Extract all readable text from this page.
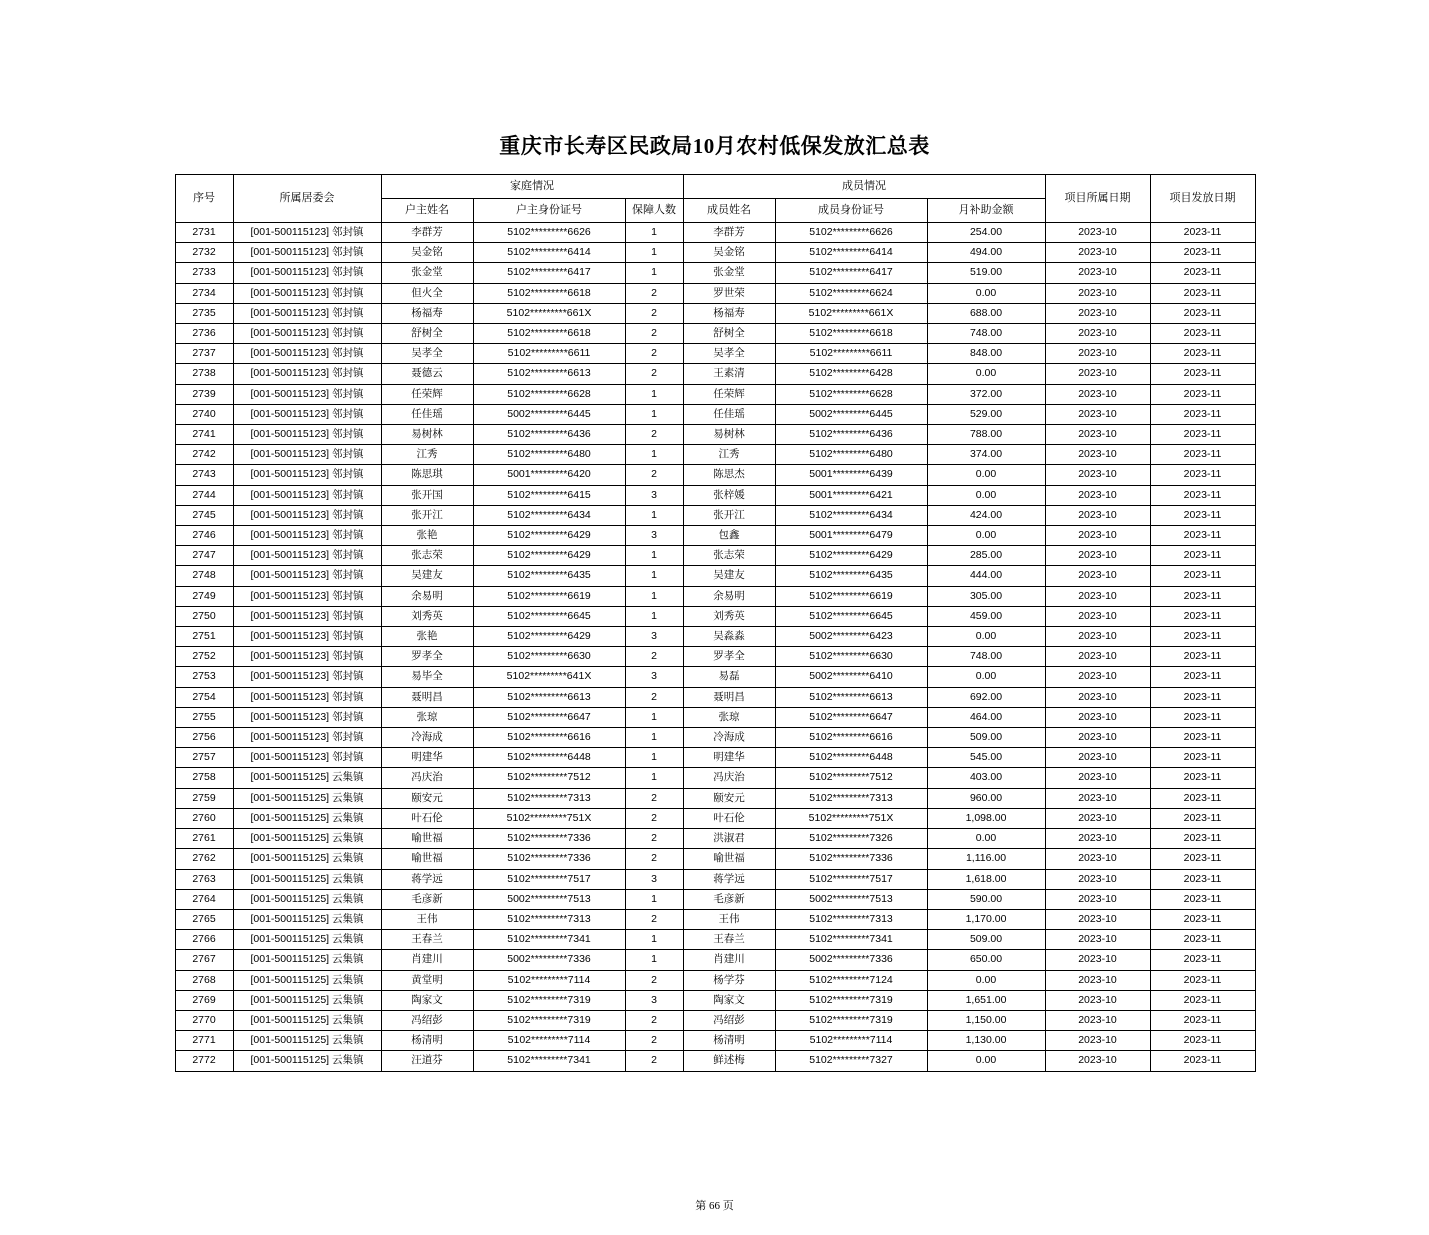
重庆市长寿区民政局10月农村低保发放汇总表
序号	所属居委会	家庭情况			成员情况			项目所属日期	项目发放日期
		户主姓名	户主身份证号	保障人数	成员姓名	成员身份证号	月补助金额		
2731	[001-500115123] 邻封镇	李群芳	5102*********6626	1	李群芳	5102*********6626	254.00	2023-10	2023-11
2732	[001-500115123] 邻封镇	吴金铭	5102*********6414	1	吴金铭	5102*********6414	494.00	2023-10	2023-11
2733	[001-500115123] 邻封镇	张金堂	5102*********6417	1	张金堂	5102*********6417	519.00	2023-10	2023-11
2734	[001-500115123] 邻封镇	但火全	5102*********6618	2	罗世荣	5102*********6624	0.00	2023-10	2023-11
2735	[001-500115123] 邻封镇	杨福寿	5102*********661X	2	杨福寿	5102*********661X	688.00	2023-10	2023-11
2736	[001-500115123] 邻封镇	舒树全	5102*********6618	2	舒树全	5102*********6618	748.00	2023-10	2023-11
2737	[001-500115123] 邻封镇	吴孝全	5102*********6611	2	吴孝全	5102*********6611	848.00	2023-10	2023-11
2738	[001-500115123] 邻封镇	聂德云	5102*********6613	2	王素清	5102*********6428	0.00	2023-10	2023-11
2739	[001-500115123] 邻封镇	任荣辉	5102*********6628	1	任荣辉	5102*********6628	372.00	2023-10	2023-11
2740	[001-500115123] 邻封镇	任佳瑶	5002*********6445	1	任佳瑶	5002*********6445	529.00	2023-10	2023-11
2741	[001-500115123] 邻封镇	易树林	5102*********6436	2	易树林	5102*********6436	788.00	2023-10	2023-11
2742	[001-500115123] 邻封镇	江秀	5102*********6480	1	江秀	5102*********6480	374.00	2023-10	2023-11
2743	[001-500115123] 邻封镇	陈思琪	5001*********6420	2	陈思杰	5001*********6439	0.00	2023-10	2023-11
2744	[001-500115123] 邻封镇	张开国	5102*********6415	3	张梓媛	5001*********6421	0.00	2023-10	2023-11
2745	[001-500115123] 邻封镇	张开江	5102*********6434	1	张开江	5102*********6434	424.00	2023-10	2023-11
2746	[001-500115123] 邻封镇	张艳	5102*********6429	3	包鑫	5001*********6479	0.00	2023-10	2023-11
2747	[001-500115123] 邻封镇	张志荣	5102*********6429	1	张志荣	5102*********6429	285.00	2023-10	2023-11
2748	[001-500115123] 邻封镇	吴建友	5102*********6435	1	吴建友	5102*********6435	444.00	2023-10	2023-11
2749	[001-500115123] 邻封镇	余易明	5102*********6619	1	余易明	5102*********6619	305.00	2023-10	2023-11
2750	[001-500115123] 邻封镇	刘秀英	5102*********6645	1	刘秀英	5102*********6645	459.00	2023-10	2023-11
2751	[001-500115123] 邻封镇	张艳	5102*********6429	3	吴淼淼	5002*********6423	0.00	2023-10	2023-11
2752	[001-500115123] 邻封镇	罗孝全	5102*********6630	2	罗孝全	5102*********6630	748.00	2023-10	2023-11
2753	[001-500115123] 邻封镇	易毕全	5102*********641X	3	易磊	5002*********6410	0.00	2023-10	2023-11
2754	[001-500115123] 邻封镇	聂明昌	5102*********6613	2	聂明昌	5102*********6613	692.00	2023-10	2023-11
2755	[001-500115123] 邻封镇	张琼	5102*********6647	1	张琼	5102*********6647	464.00	2023-10	2023-11
2756	[001-500115123] 邻封镇	冷海成	5102*********6616	1	冷海成	5102*********6616	509.00	2023-10	2023-11
2757	[001-500115123] 邻封镇	明建华	5102*********6448	1	明建华	5102*********6448	545.00	2023-10	2023-11
2758	[001-500115125] 云集镇	冯庆治	5102*********7512	1	冯庆治	5102*********7512	403.00	2023-10	2023-11
2759	[001-500115125] 云集镇	颐安元	5102*********7313	2	颐安元	5102*********7313	960.00	2023-10	2023-11
2760	[001-500115125] 云集镇	叶石伦	5102*********751X	2	叶石伦	5102*********751X	1,098.00	2023-10	2023-11
2761	[001-500115125] 云集镇	喻世福	5102*********7336	2	洪淑君	5102*********7326	0.00	2023-10	2023-11
2762	[001-500115125] 云集镇	喻世福	5102*********7336	2	喻世福	5102*********7336	1,116.00	2023-10	2023-11
2763	[001-500115125] 云集镇	蒋学远	5102*********7517	3	蒋学远	5102*********7517	1,618.00	2023-10	2023-11
2764	[001-500115125] 云集镇	毛彦新	5002*********7513	1	毛彦新	5002*********7513	590.00	2023-10	2023-11
2765	[001-500115125] 云集镇	王伟	5102*********7313	2	王伟	5102*********7313	1,170.00	2023-10	2023-11
2766	[001-500115125] 云集镇	王春兰	5102*********7341	1	王春兰	5102*********7341	509.00	2023-10	2023-11
2767	[001-500115125] 云集镇	肖建川	5002*********7336	1	肖建川	5002*********7336	650.00	2023-10	2023-11
2768	[001-500115125] 云集镇	黄堂明	5102*********7114	2	杨学芬	5102*********7124	0.00	2023-10	2023-11
2769	[001-500115125] 云集镇	陶家文	5102*********7319	3	陶家文	5102*********7319	1,651.00	2023-10	2023-11
2770	[001-500115125] 云集镇	冯绍彭	5102*********7319	2	冯绍彭	5102*********7319	1,150.00	2023-10	2023-11
2771	[001-500115125] 云集镇	杨清明	5102*********7114	2	杨清明	5102*********7114	1,130.00	2023-10	2023-11
2772	[001-500115125] 云集镇	汪道芬	5102*********7341	2	鲜述梅	5102*********7327	0.00	2023-10	2023-11
第 66 页
